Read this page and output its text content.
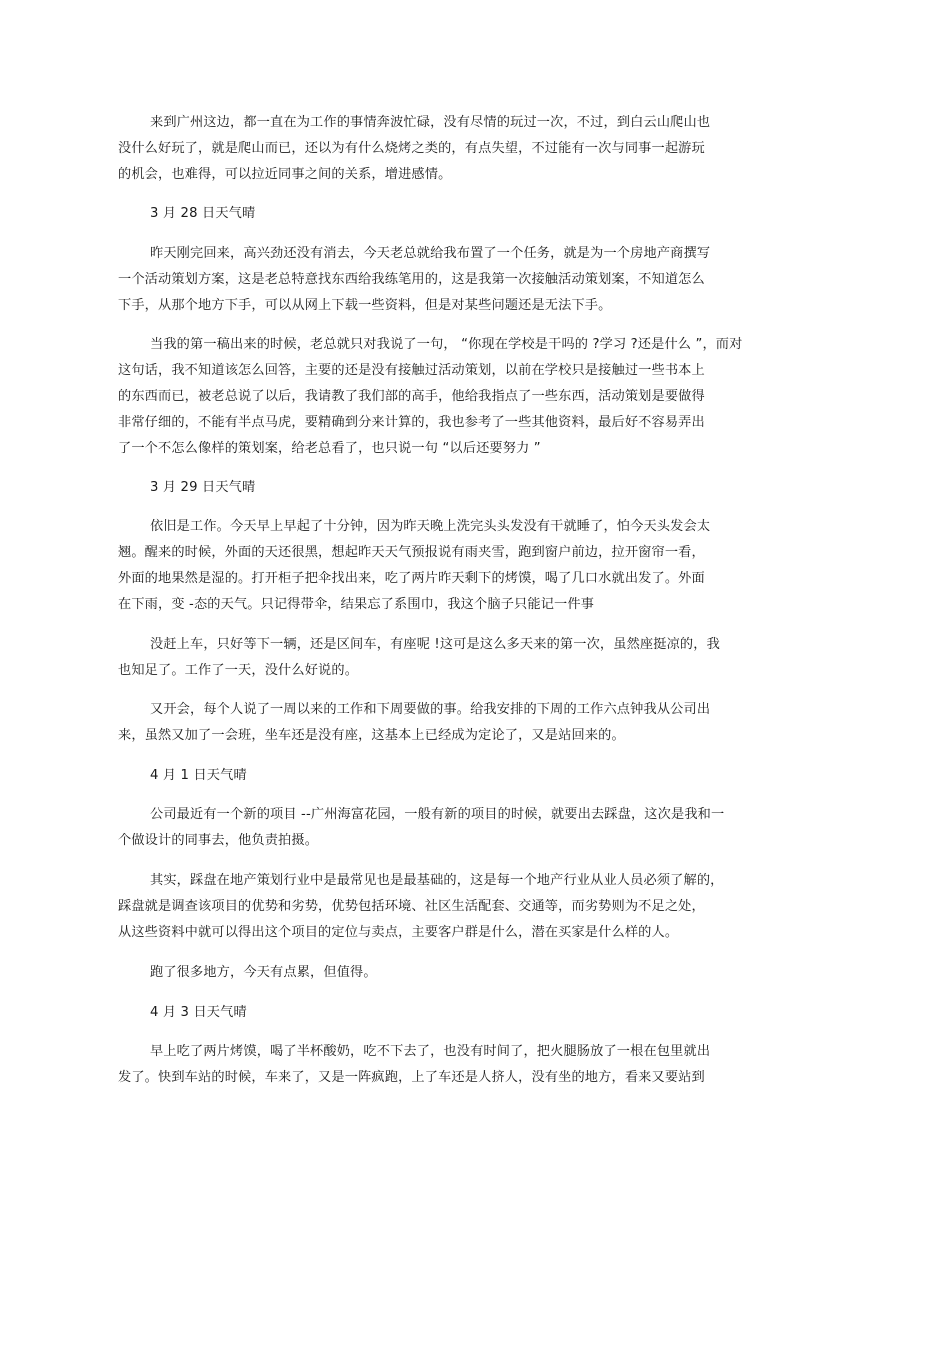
来到广州这边，都一直在为工作的事情奔波忙碌，没有尽情的玩过一次，不过，到白云山爬山也
没什么好玩了，就是爬山而已，还以为有什么烧烤之类的，有点失望，不过能有一次与同事一起游玩
的机会，也难得，可以拉近同事之间的关系，增进感情。
3 月 28 日天气晴
昨天刚完回来，高兴劲还没有消去，今天老总就给我布置了一个任务，就是为一个房地产商撰写
一个活动策划方案，这是老总特意找东西给我练笔用的，这是我第一次接触活动策划案，不知道怎么
下手，从那个地方下手，可以从网上下载一些资料，但是对某些问题还是无法下手。
当我的第一稿出来的时候，老总就只对我说了一句， “你现在学校是干吗的 ?学习 ?还是什么 ”，而对
这句话，我不知道该怎么回答，主要的还是没有接触过活动策划，以前在学校只是接触过一些书本上
的东西而已，被老总说了以后，我请教了我们部的高手，他给我指点了一些东西，活动策划是要做得
非常仔细的，不能有半点马虎，要精确到分来计算的，我也参考了一些其他资料，最后好不容易弄出
了一个不怎么像样的策划案，给老总看了，也只说一句 “以后还要努力 ”
3 月 29 日天气晴
依旧是工作。今天早上早起了十分钟，因为昨天晚上洗完头头发没有干就睡了，怕今天头发会太
翘。醒来的时候，外面的天还很黑，想起昨天天气预报说有雨夹雪，跑到窗户前边，拉开窗帘一看，
外面的地果然是湿的。打开柜子把伞找出来，吃了两片昨天剩下的烤馍，喝了几口水就出发了。外面
在下雨，变 -态的天气。只记得带伞，结果忘了系围巾，我这个脑子只能记一件事
没赶上车，只好等下一辆，还是区间车，有座呢 !这可是这么多天来的第一次，虽然座挺凉的，我
也知足了。工作了一天，没什么好说的。
又开会，每个人说了一周以来的工作和下周要做的事。给我安排的下周的工作六点钟我从公司出
来，虽然又加了一会班，坐车还是没有座，这基本上已经成为定论了，又是站回来的。
4 月 1 日天气晴
公司最近有一个新的项目 --广州海富花园，一般有新的项目的时候，就要出去踩盘，这次是我和一
个做设计的同事去，他负责拍摄。
其实，踩盘在地产策划行业中是最常见也是最基础的，这是每一个地产行业从业人员必须了解的，
踩盘就是调查该项目的优势和劣势，优势包括环境、社区生活配套、交通等，而劣势则为不足之处，
从这些资料中就可以得出这个项目的定位与卖点，主要客户群是什么，潜在买家是什么样的人。
跑了很多地方，今天有点累，但值得。
4 月 3 日天气晴
早上吃了两片烤馍，喝了半杯酸奶，吃不下去了，也没有时间了，把火腿肠放了一根在包里就出
发了。快到车站的时候，车来了，又是一阵疯跑，上了车还是人挤人，没有坐的地方，看来又要站到
